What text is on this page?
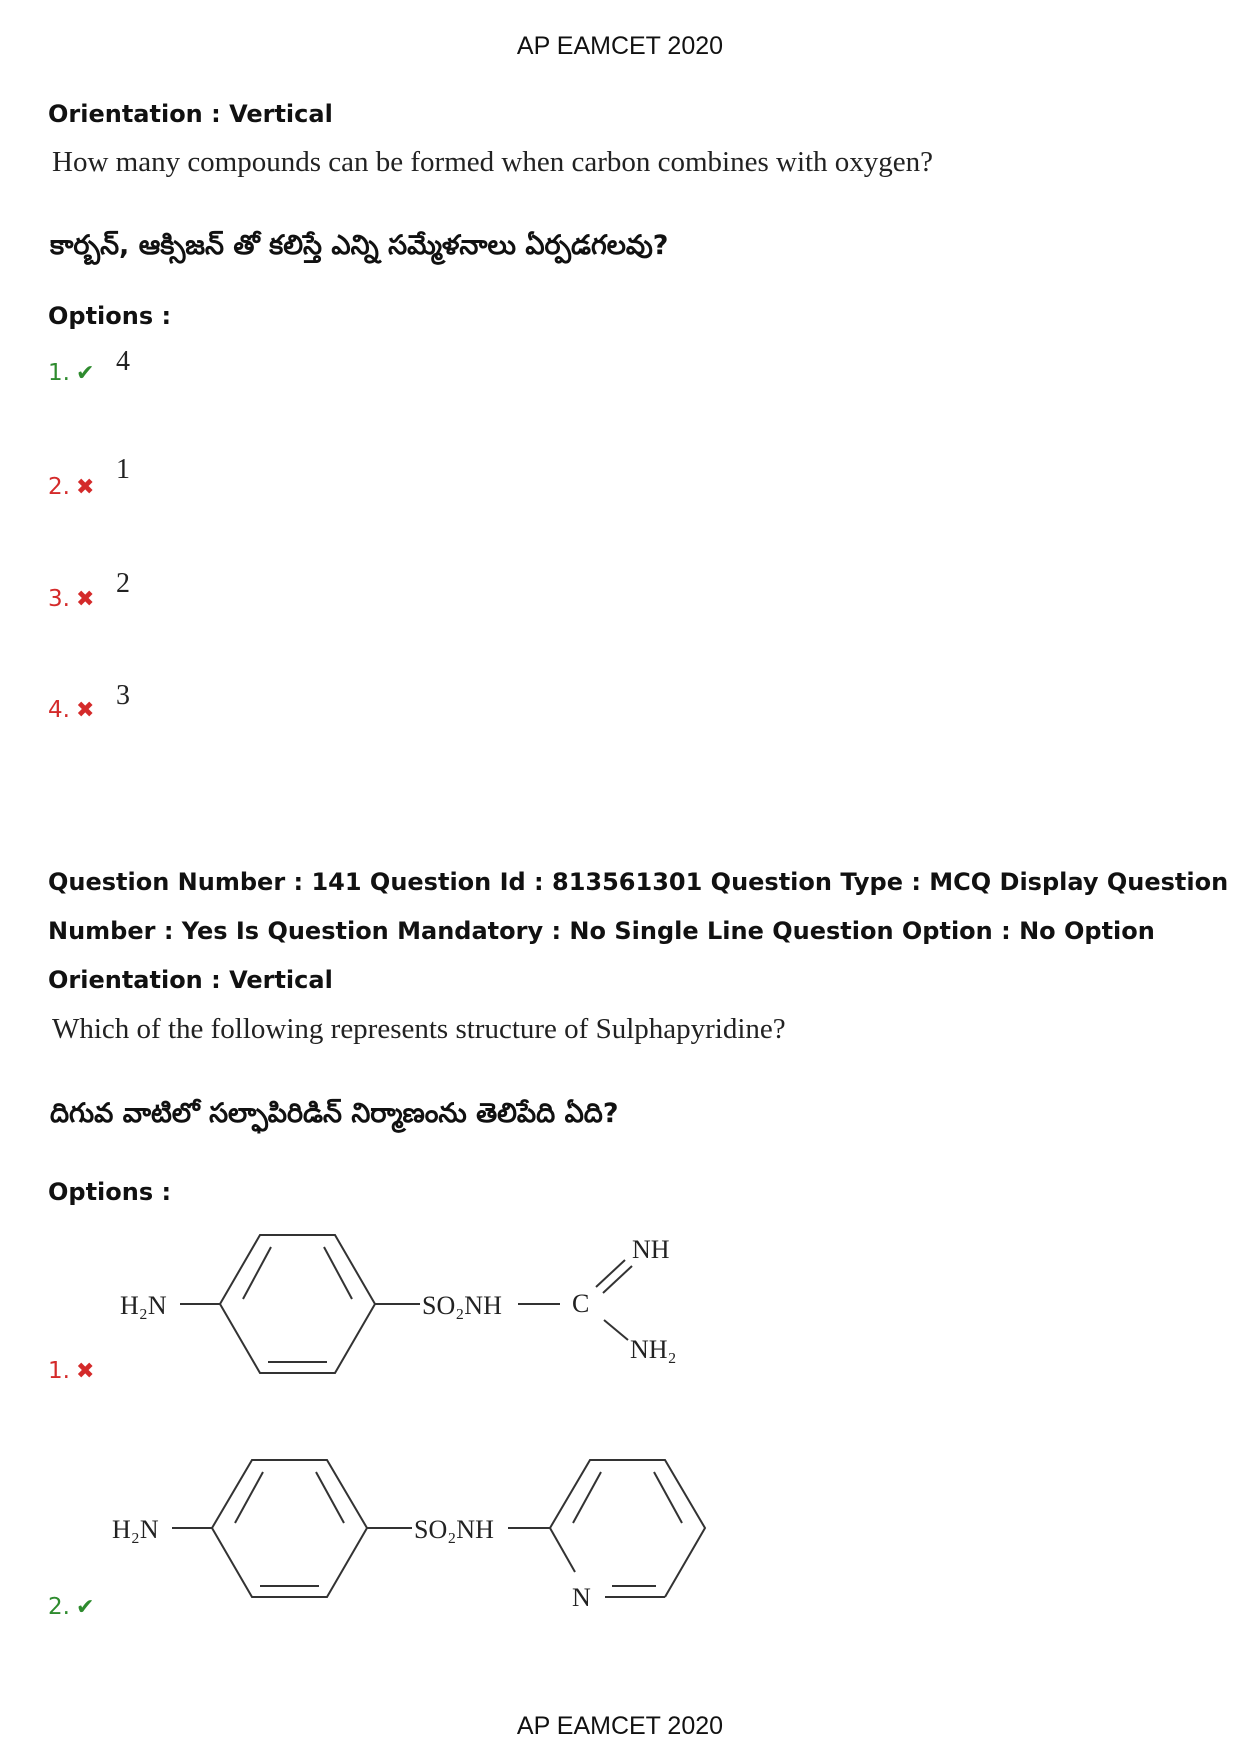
AP EAMCET 2020
Orientation : Vertical
How many compounds can be formed when carbon combines with oxygen?
కార్బన్, ఆక్సిజన్ తో కలిస్తే ఎన్ని సమ్మేళనాలు ఏర్పడగలవు?
Options :
1. ✔ 4
2. ✖
1
3. ✖
2
4. ✖ 3
Question Number : 141 Question Id : 813561301 Question Type : MCQ Display Question
Number : Yes Is Question Mandatory : No Single Line Question Option : No Option
Orientation : Vertical
Which of the following represents structure of Sulphapyridine?
దిగువ వాటిలో సల్ఫాపిరిడిన్ నిర్మాణంను తెలిపేది ఏది?
Options :
H₂N	SO₂NH	C
NH
NH₂
1. ✖
H₂N	SO₂NH
N
2. ✔
AP EAMCET 2020
